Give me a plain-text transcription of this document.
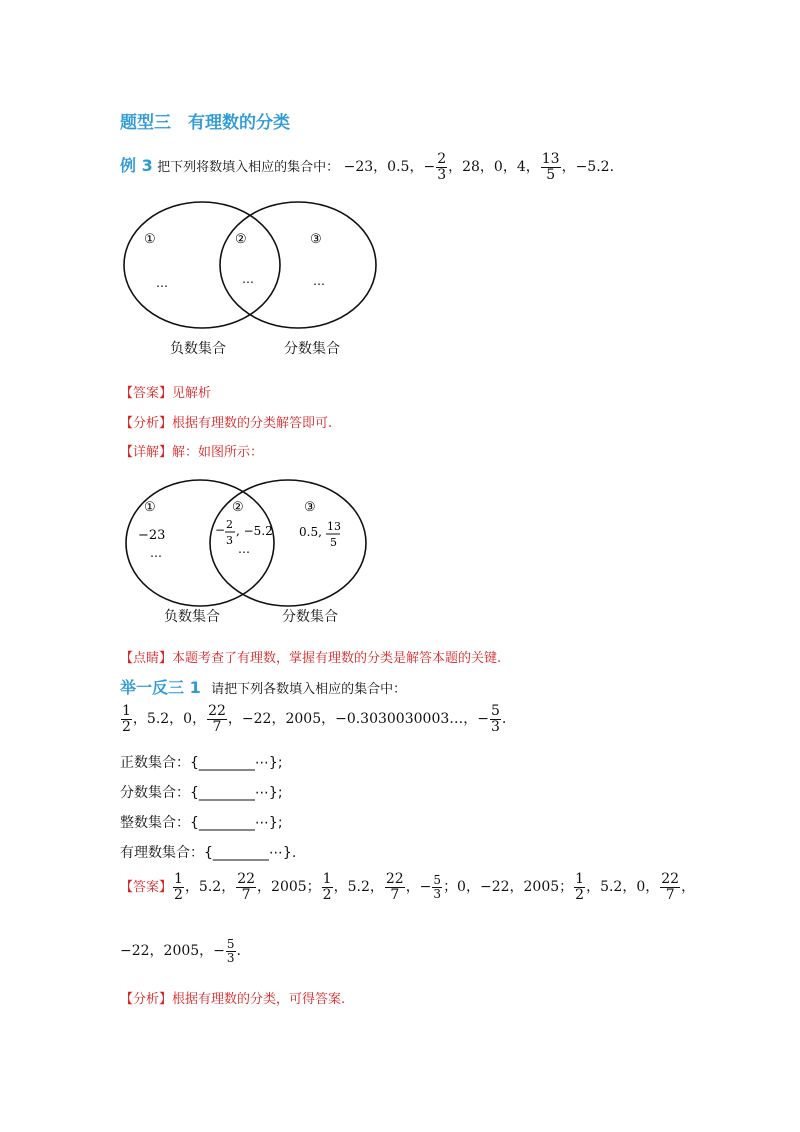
题型三　有理数的分类
例 3 把下列将数填入相应的集合中： −23，0.5，− $\frac{2}{3}$ ，28，0，4， $\frac{13}{5}$ ，−5.2.
①	②	③
…	…	…
负数集合	分数集合
【答案】见解析
【分析】根据有理数的分类解答即可.
【详解】解：如图所示：
①	②	③
−23
…
− 2
3
, −5.2
…
0.5, 13
5
负数集合	分数集合
【点睛】本题考查了有理数，掌握有理数的分类是解答本题的关键.
举一反三 1 请把下列各数填入相应的集合中：
$\frac{1}{2}$ ，5.2，0， $\frac{22}{7}$ ，−22，2005，−0.3030030003…，− $\frac{5}{3}$ .
正数集合：{________⋯};
分数集合：{________⋯};
整数集合：{________⋯};
有理数集合：{________⋯}.
【答案】 $\frac{1}{2}$ ，5.2， $\frac{22}{7}$ ，2005； $\frac{1}{2}$ ，5.2， $\frac{22}{7}$ ，− $\frac{5}{3}$ ；0，−22，2005； $\frac{1}{2}$ ，5.2，0， $\frac{22}{7}$ ，
−22，2005，− $\frac{5}{3}$ .
【分析】根据有理数的分类，可得答案.
